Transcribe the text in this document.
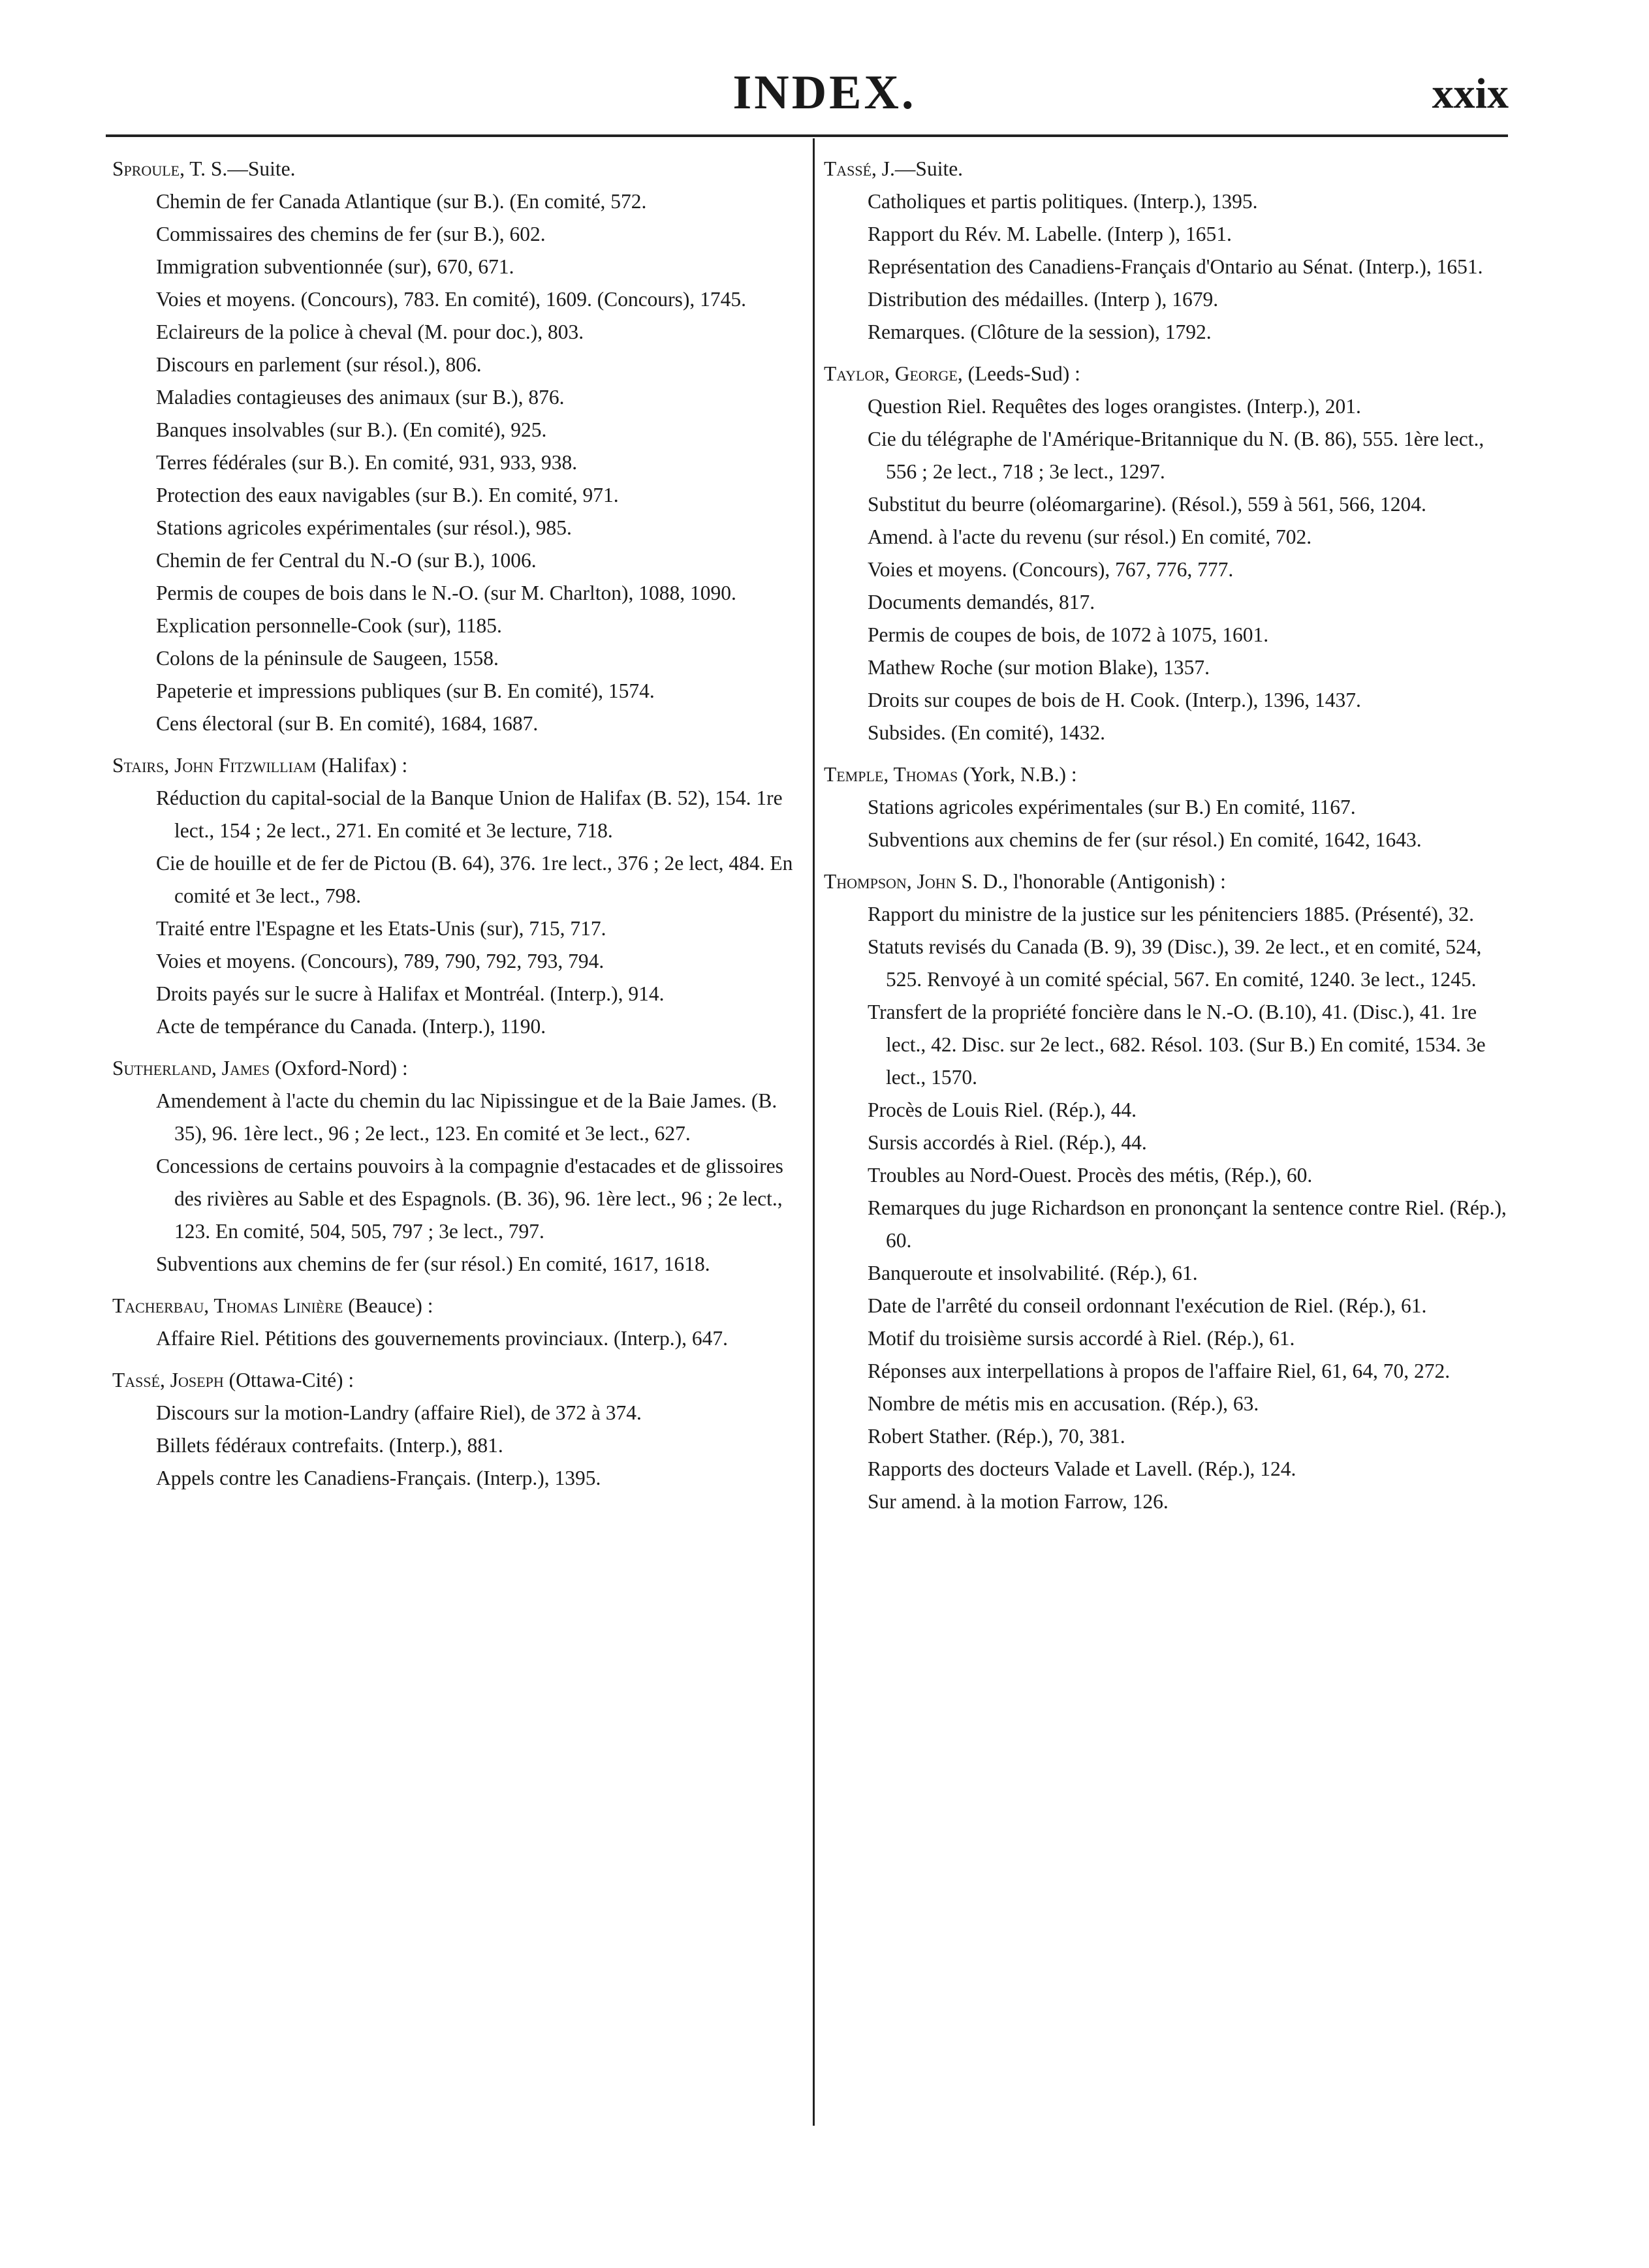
INDEX.	xxix
Sproule, T. S.—Suite.
Chemin de fer Canada Atlantique (sur B.). (En comité, 572.
Commissaires des chemins de fer (sur B.), 602.
Immigration subventionnée (sur), 670, 671.
Voies et moyens. (Concours), 783. En comité), 1609. (Concours), 1745.
Eclaireurs de la police à cheval (M. pour doc.), 803.
Discours en parlement (sur résol.), 806.
Maladies contagieuses des animaux (sur B.), 876.
Banques insolvables (sur B.). (En comité), 925.
Terres fédérales (sur B.). En comité, 931, 933, 938.
Protection des eaux navigables (sur B.). En comité, 971.
Stations agricoles expérimentales (sur résol.), 985.
Chemin de fer Central du N.-O (sur B.), 1006.
Permis de coupes de bois dans le N.-O. (sur M. Charlton), 1088, 1090.
Explication personnelle-Cook (sur), 1185.
Colons de la péninsule de Saugeen, 1558.
Papeterie et impressions publiques (sur B. En comité), 1574.
Cens électoral (sur B. En comité), 1684, 1687.
Stairs, John Fitzwilliam (Halifax) :
Réduction du capital-social de la Banque Union de Halifax (B. 52), 154. 1re lect., 154 ; 2e lect., 271. En comité et 3e lecture, 718.
Cie de houille et de fer de Pictou (B. 64), 376. 1re lect., 376 ; 2e lect, 484. En comité et 3e lect., 798.
Traité entre l'Espagne et les Etats-Unis (sur), 715, 717.
Voies et moyens. (Concours), 789, 790, 792, 793, 794.
Droits payés sur le sucre à Halifax et Montréal. (Interp.), 914.
Acte de tempérance du Canada. (Interp.), 1190.
Sutherland, James (Oxford-Nord) :
Amendement à l'acte du chemin du lac Nipissingue et de la Baie James. (B. 35), 96. 1ère lect., 96 ; 2e lect., 123. En comité et 3e lect., 627.
Concessions de certains pouvoirs à la compagnie d'estacades et de glissoires des rivières au Sable et des Espagnols. (B. 36), 96. 1ère lect., 96 ; 2e lect., 123. En comité, 504, 505, 797 ; 3e lect., 797.
Subventions aux chemins de fer (sur résol.) En comité, 1617, 1618.
Tacherbau, Thomas Linière (Beauce) :
Affaire Riel. Pétitions des gouvernements provinciaux. (Interp.), 647.
Tassé, Joseph (Ottawa-Cité) :
Discours sur la motion-Landry (affaire Riel), de 372 à 374.
Billets fédéraux contrefaits. (Interp.), 881.
Appels contre les Canadiens-Français. (Interp.), 1395.
Tassé, J.—Suite.
Catholiques et partis politiques. (Interp.), 1395.
Rapport du Rév. M. Labelle. (Interp ), 1651.
Représentation des Canadiens-Français d'Ontario au Sénat. (Interp.), 1651.
Distribution des médailles. (Interp ), 1679.
Remarques. (Clôture de la session), 1792.
Taylor, George, (Leeds-Sud) :
Question Riel. Requêtes des loges orangistes. (Interp.), 201.
Cie du télégraphe de l'Amérique-Britannique du N. (B. 86), 555. 1ère lect., 556 ; 2e lect., 718 ; 3e lect., 1297.
Substitut du beurre (oléomargarine). (Résol.), 559 à 561, 566, 1204.
Amend. à l'acte du revenu (sur résol.) En comité, 702.
Voies et moyens. (Concours), 767, 776, 777.
Documents demandés, 817.
Permis de coupes de bois, de 1072 à 1075, 1601.
Mathew Roche (sur motion Blake), 1357.
Droits sur coupes de bois de H. Cook. (Interp.), 1396, 1437.
Subsides. (En comité), 1432.
Temple, Thomas (York, N.B.) :
Stations agricoles expérimentales (sur B.) En comité, 1167.
Subventions aux chemins de fer (sur résol.) En comité, 1642, 1643.
Thompson, John S. D., l'honorable (Antigonish) :
Rapport du ministre de la justice sur les pénitenciers 1885. (Présenté), 32.
Statuts revisés du Canada (B. 9), 39 (Disc.), 39. 2e lect., et en comité, 524, 525. Renvoyé à un comité spécial, 567. En comité, 1240. 3e lect., 1245.
Transfert de la propriété foncière dans le N.-O. (B.10), 41. (Disc.), 41. 1re lect., 42. Disc. sur 2e lect., 682. Résol. 103. (Sur B.) En comité, 1534. 3e lect., 1570.
Procès de Louis Riel. (Rép.), 44.
Sursis accordés à Riel. (Rép.), 44.
Troubles au Nord-Ouest. Procès des métis, (Rép.), 60.
Remarques du juge Richardson en prononçant la sentence contre Riel. (Rép.), 60.
Banqueroute et insolvabilité. (Rép.), 61.
Date de l'arrêté du conseil ordonnant l'exécution de Riel. (Rép.), 61.
Motif du troisième sursis accordé à Riel. (Rép.), 61.
Réponses aux interpellations à propos de l'affaire Riel, 61, 64, 70, 272.
Nombre de métis mis en accusation. (Rép.), 63.
Robert Stather. (Rép.), 70, 381.
Rapports des docteurs Valade et Lavell. (Rép.), 124.
Sur amend. à la motion Farrow, 126.
